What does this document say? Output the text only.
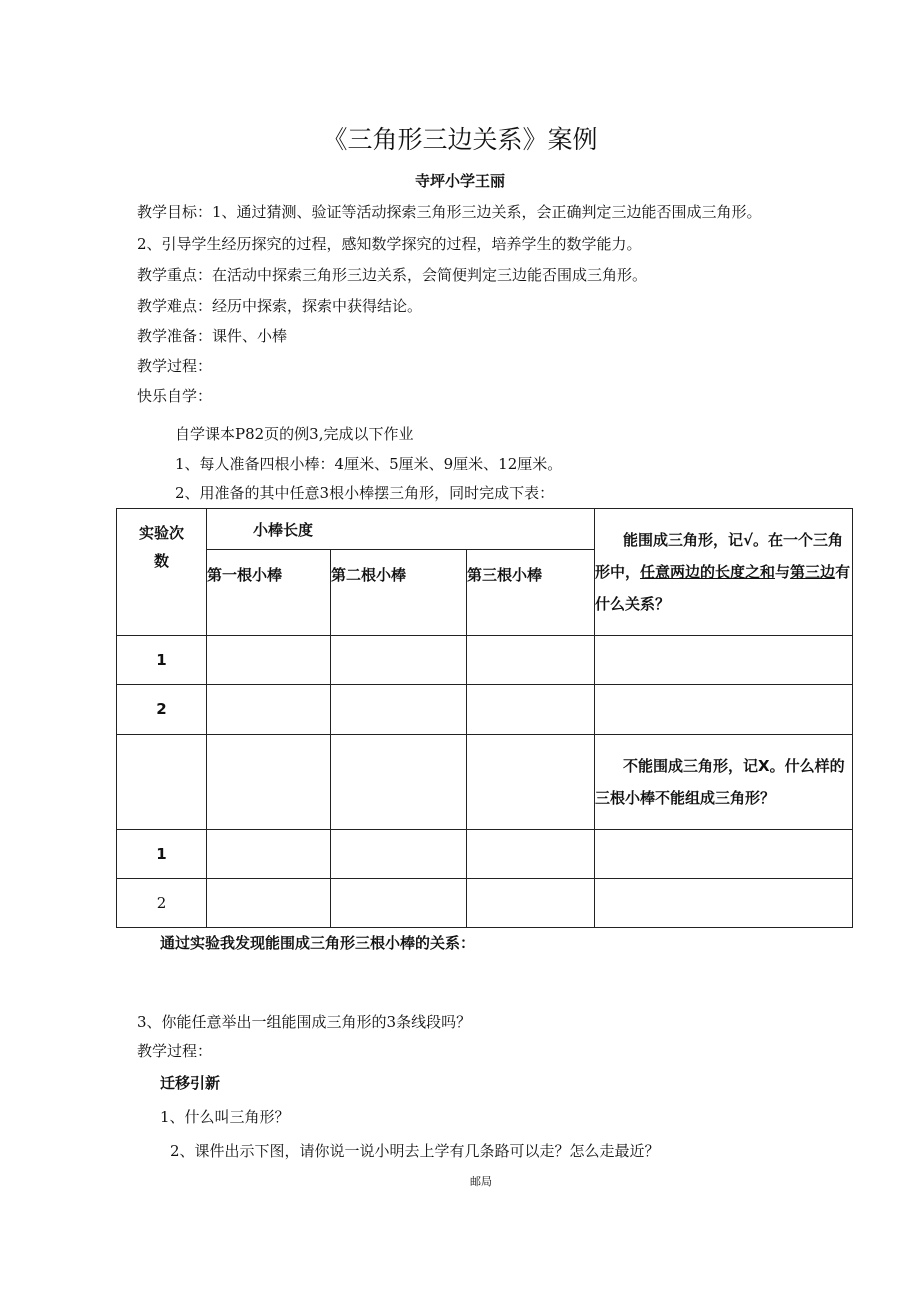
《三角形三边关系》案例
寺坪小学王丽
教学目标：1、通过猜测、验证等活动探索三角形三边关系，会正确判定三边能否围成三角形。
2、引导学生经历探究的过程，感知数学探究的过程，培养学生的数学能力。
教学重点：在活动中探索三角形三边关系，会简便判定三边能否围成三角形。
教学难点：经历中探索，探索中获得结论。
教学准备：课件、小棒
教学过程：
快乐自学：
自学课本P82页的例3,完成以下作业
1、每人准备四根小棒：4厘米、5厘米、9厘米、12厘米。
2、用准备的其中任意3根小棒摆三角形，同时完成下表：
实验次
数	小棒长度			能围成三角形，记√。在一个三角形中，任意两边的长度之和与第三边有什么关系？
	第一根小棒	第二根小棒	第三根小棒	
1				
2				
				不能围成三角形，记X。什么样的三根小棒不能组成三角形？
1				
2				
通过实验我发现能围成三角形三根小棒的关系：
3、你能任意举出一组能围成三角形的3条线段吗？
教学过程：
迁移引新
1、什么叫三角形？
2、课件出示下图，请你说一说小明去上学有几条路可以走？怎么走最近？
邮局
